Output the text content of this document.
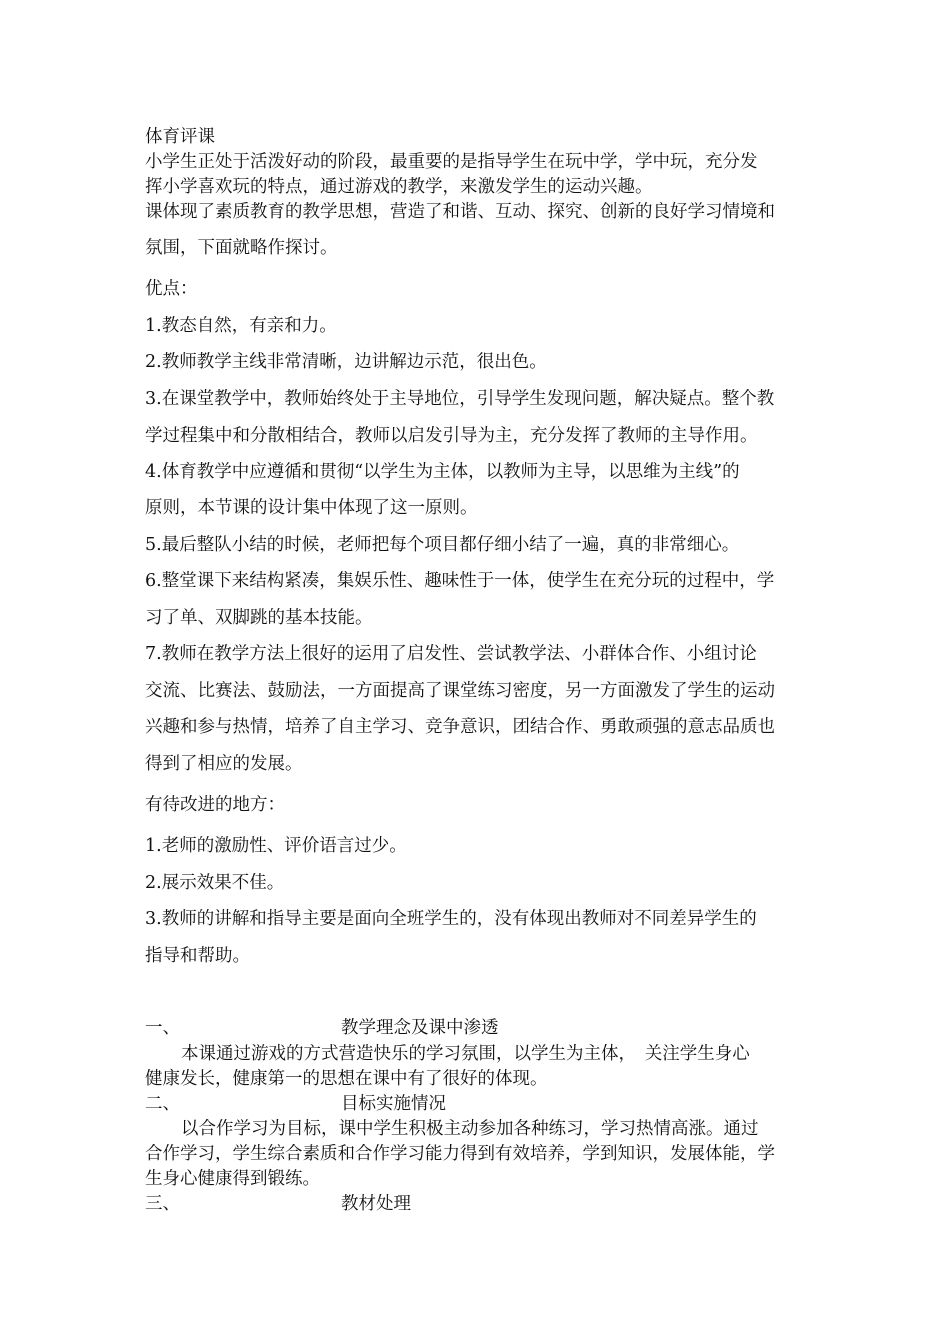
体育评课
小学生正处于活泼好动的阶段，最重要的是指导学生在玩中学，学中玩，充分发
挥小学喜欢玩的特点，通过游戏的教学，来激发学生的运动兴趣。
课体现了素质教育的教学思想，营造了和谐、互动、探究、创新的良好学习情境和
氛围，下面就略作探讨。
优点：
1.教态自然，有亲和力。
2.教师教学主线非常清晰，边讲解边示范，很出色。
3.在课堂教学中，教师始终处于主导地位，引导学生发现问题，解决疑点。整个教
学过程集中和分散相结合，教师以启发引导为主，充分发挥了教师的主导作用。
4.体育教学中应遵循和贯彻“以学生为主体，以教师为主导，以思维为主线”的
原则，本节课的设计集中体现了这一原则。
5.最后整队小结的时候，老师把每个项目都仔细小结了一遍，真的非常细心。
6.整堂课下来结构紧凑，集娱乐性、趣味性于一体，使学生在充分玩的过程中，学
习了单、双脚跳的基本技能。
7.教师在教学方法上很好的运用了启发性、尝试教学法、小群体合作、小组讨论
交流、比赛法、鼓励法，一方面提高了课堂练习密度，另一方面激发了学生的运动
兴趣和参与热情，培养了自主学习、竞争意识，团结合作、勇敢顽强的意志品质也
得到了相应的发展。
有待改进的地方：
1.老师的激励性、评价语言过少。
2.展示效果不佳。
3.教师的讲解和指导主要是面向全班学生的，没有体现出教师对不同差异学生的
指导和帮助。
一、	教学理念及课中渗透
本课通过游戏的方式营造快乐的学习氛围，以学生为主体，　关注学生身心
健康发长，健康第一的思想在课中有了很好的体现。
二、	目标实施情况
以合作学习为目标，课中学生积极主动参加各种练习，学习热情高涨。通过
合作学习，学生综合素质和合作学习能力得到有效培养，学到知识，发展体能，学
生身心健康得到锻练。
三、	教材处理
